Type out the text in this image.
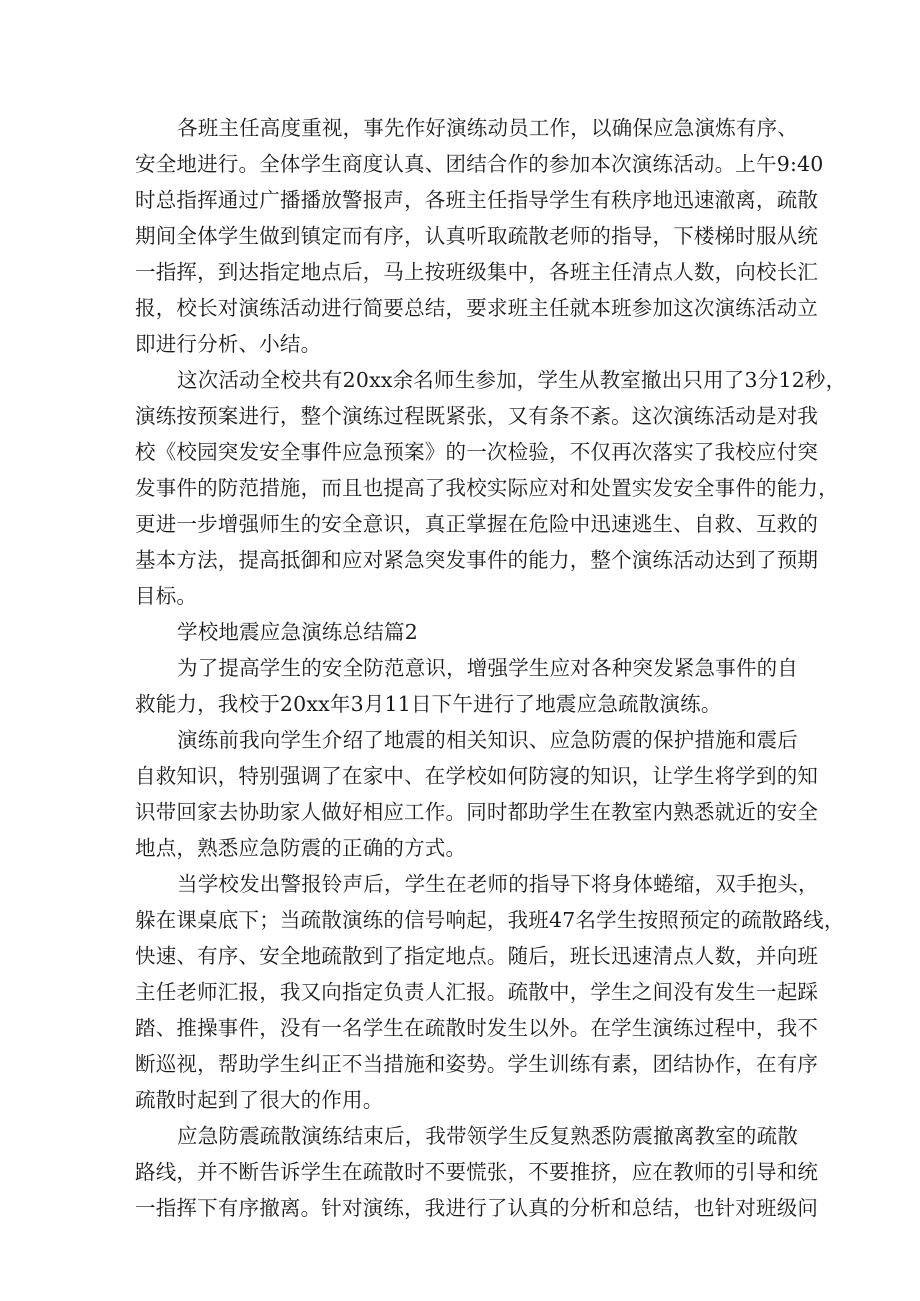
各班主任高度重视，事先作好演练动员工作，以确保应急演炼有序、
安全地进行。全体学生商度认真、团结合作的参加本次演练活动。上午9:40
时总指挥通过广播播放警报声，各班主任指导学生有秩序地迅速澈离，疏散
期间全体学生做到镇定而有序，认真听取疏散老师的指导，下楼梯时服从统
一指挥，到达指定地点后，马上按班级集中，各班主任清点人数，向校长汇
报，校长对演练活动进行简要总结，要求班主任就本班参加这次演练活动立
即进行分析、小结。
这次活动全校共有20xx余名师生参加，学生从教室撤出只用了3分12秒，
演练按预案进行，整个演练过程既紧张，又有条不紊。这次演练活动是对我
校《校园突发安全事件应急预案》的一次检验，不仅再次落实了我校应付突
发事件的防范措施，而且也提高了我校实际应对和处置实发安全事件的能力，
更进一步增强师生的安全意识，真正掌握在危险中迅速逃生、自救、互救的
基本方法，提高抵御和应对紧急突发事件的能力，整个演练活动达到了预期
目标。
学校地震应急演练总结篇2
为了提高学生的安全防范意识，增强学生应对各种突发紧急事件的自
救能力，我校于20xx年3月11日下午进行了地震应急疏散演练。
演练前我向学生介绍了地震的相关知识、应急防震的保护措施和震后
自救知识，特别强调了在家中、在学校如何防寖的知识，让学生将学到的知
识带回家去协助家人做好相应工作。同时都助学生在教室内熟悉就近的安全
地点，熟悉应急防震的正确的方式。
当学校发出警报铃声后，学生在老师的指导下将身体蜷缩，双手抱头，
躲在课桌底下；当疏散演练的信号响起，我班47名学生按照预定的疏散路线，
快速、有序、安全地疏散到了指定地点。随后，班长迅速清点人数，并向班
主任老师汇报，我又向指定负责人汇报。疏散中，学生之间没有发生一起踩
踏、推操事件，没有一名学生在疏散时发生以外。在学生演练过程中，我不
断巡视，帮助学生纠正不当措施和姿势。学生训练有素，团结协作，在有序
疏散时起到了很大的作用。
应急防震疏散演练结束后，我带领学生反复熟悉防震撤离教室的疏散
路线，并不断告诉学生在疏散时不要慌张，不要推挤，应在教师的引导和统
一指挥下有序撤离。针对演练，我进行了认真的分析和总结，也针对班级问
